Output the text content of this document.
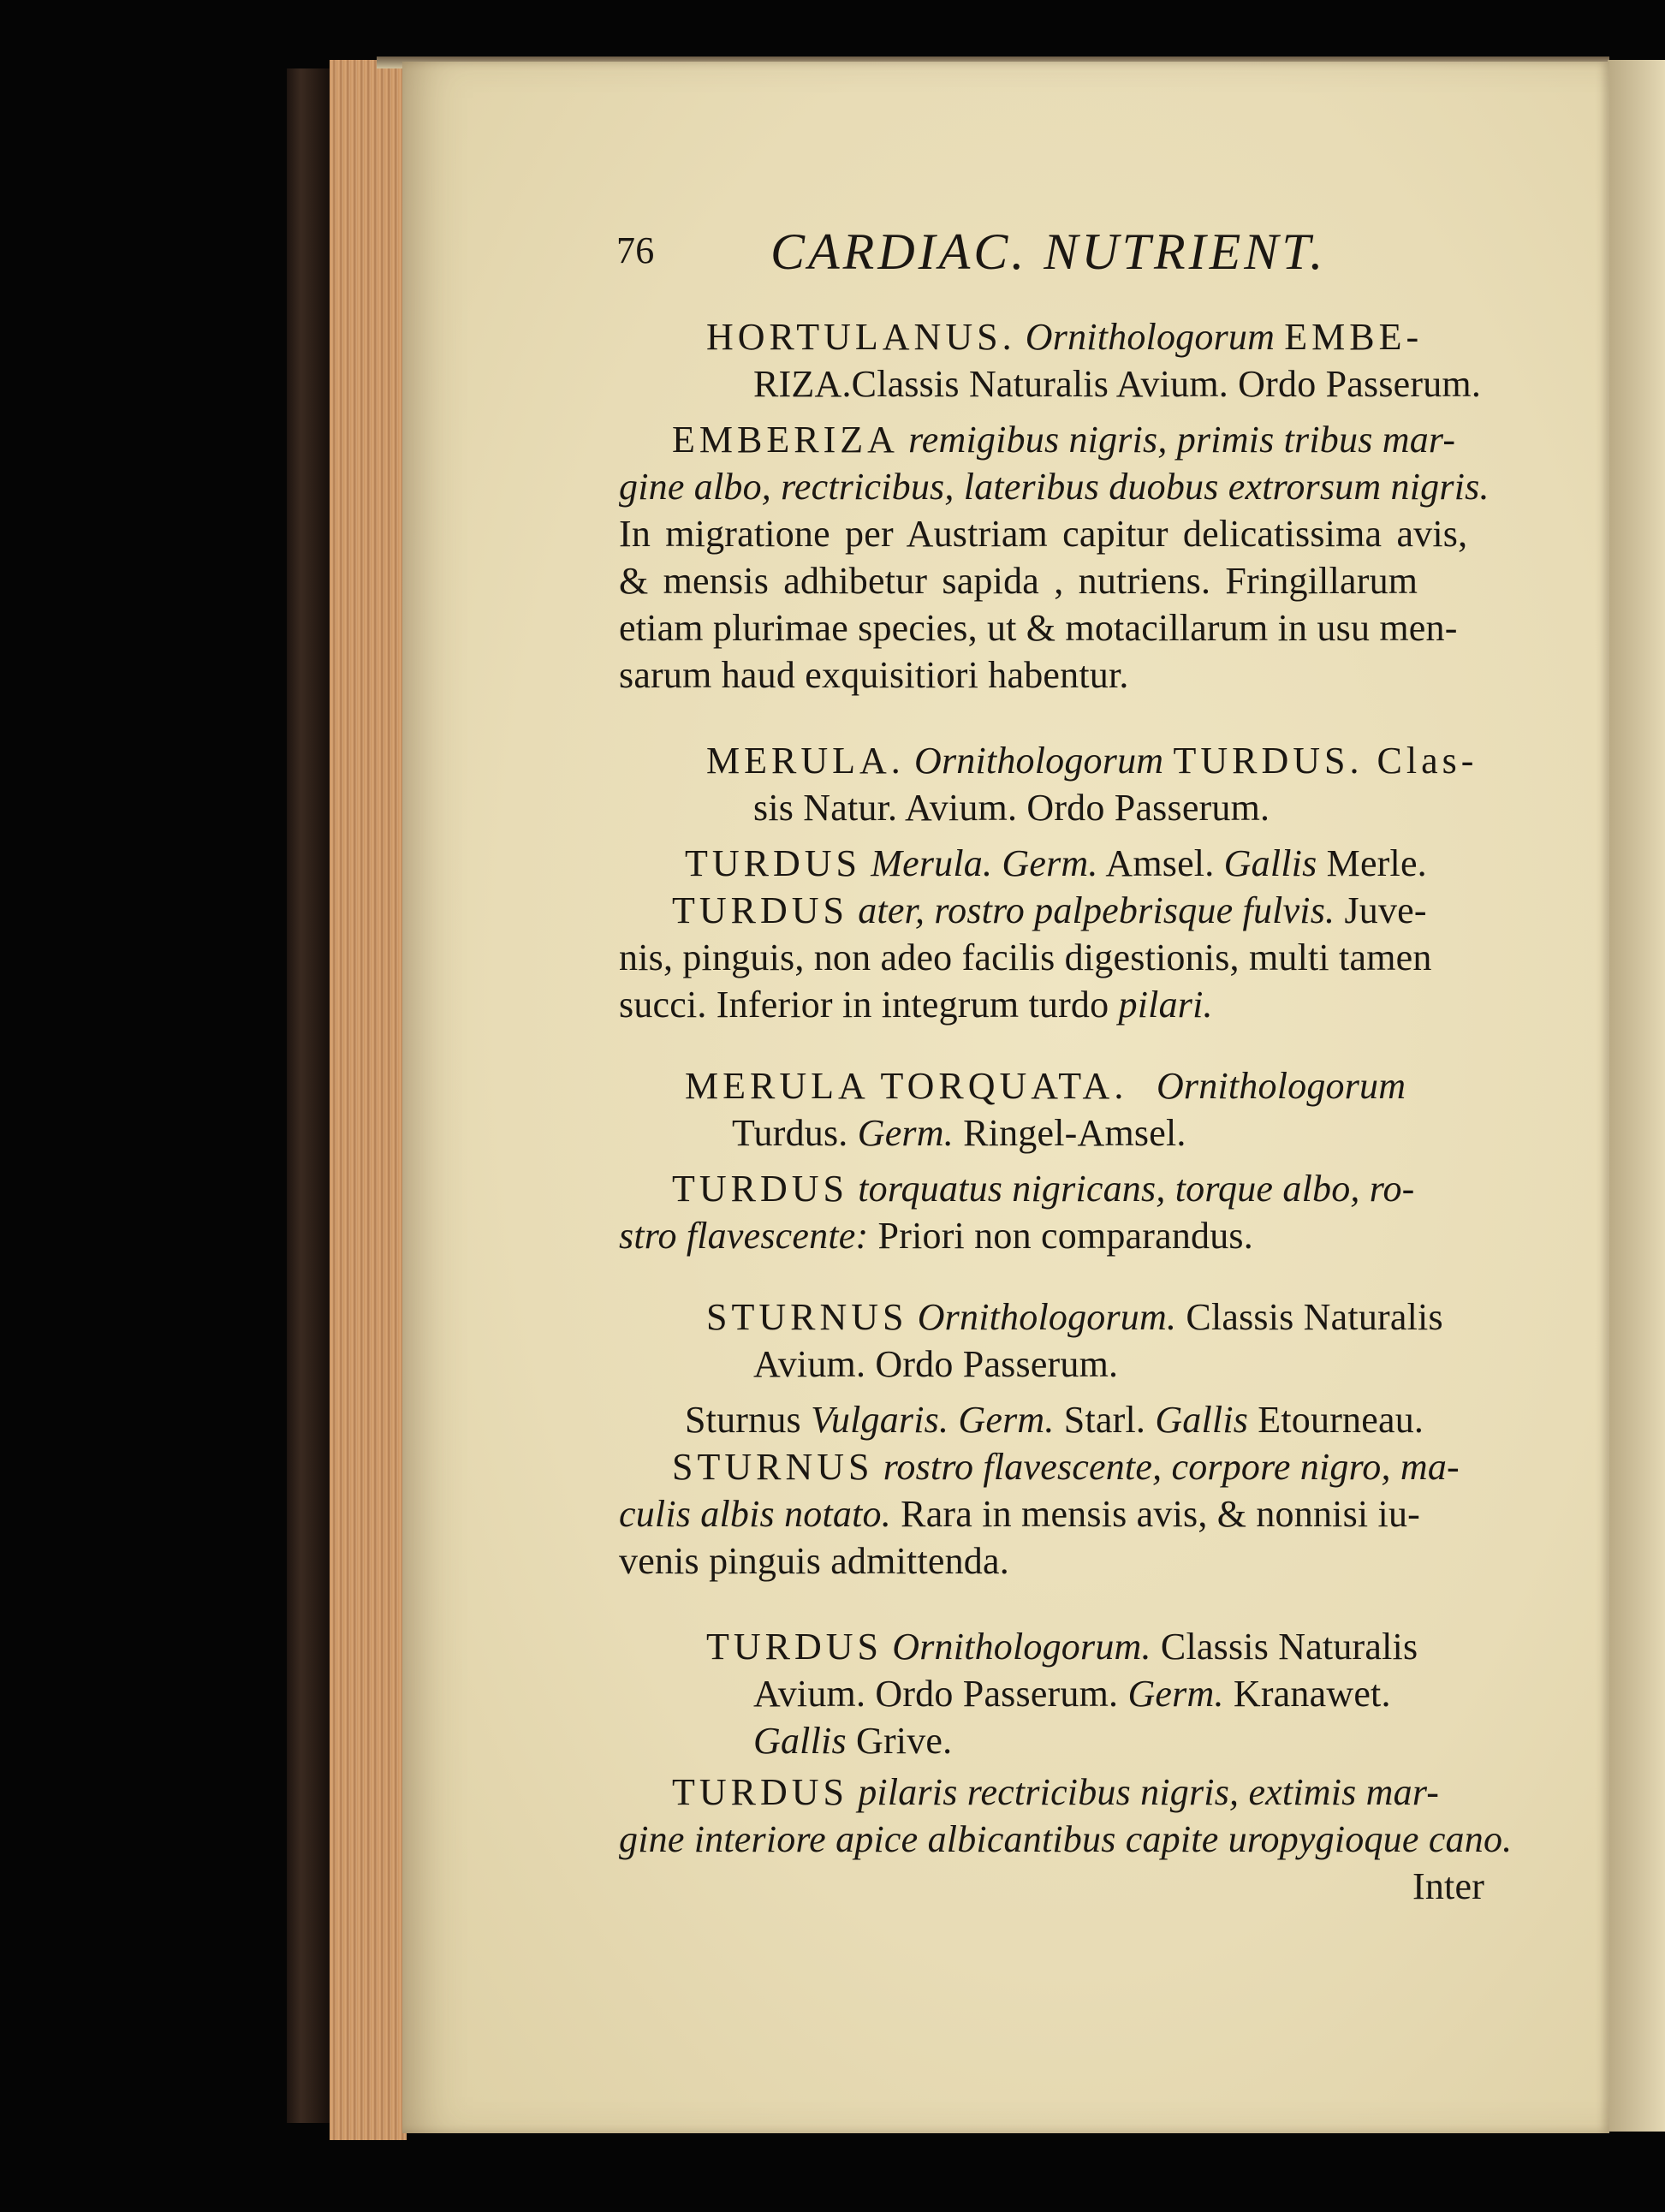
76 CARDIAC. NUTRIENT.
HORTULANUS. Ornithologorum EMBE-
RIZA.Classis Naturalis Avium. Ordo Passerum.
EMBERIZA remigibus nigris, primis tribus mar-
gine albo, rectricibus, lateribus duobus extrorsum nigris.
In migratione per Austriam capitur delicatissima avis,
& mensis adhibetur sapida , nutriens. Fringillarum
etiam plurimae species, ut & motacillarum in usu men-
sarum haud exquisitiori habentur.
MERULA. Ornithologorum TURDUS. Clas-
sis Natur. Avium. Ordo Passerum.
TURDUS Merula. Germ. Amsel. Gallis Merle.
TURDUS ater, rostro palpebrisque fulvis. Juve-
nis, pinguis, non adeo facilis digestionis, multi tamen
succi. Inferior in integrum turdo pilari.
MERULA TORQUATA. Ornithologorum
Turdus. Germ. Ringel-Amsel.
TURDUS torquatus nigricans, torque albo, ro-
stro flavescente: Priori non comparandus.
STURNUS Ornithologorum. Classis Naturalis
Avium. Ordo Passerum.
Sturnus Vulgaris. Germ. Starl. Gallis Etourneau.
STURNUS rostro flavescente, corpore nigro, ma-
culis albis notato. Rara in mensis avis, & nonnisi iu-
venis pinguis admittenda.
TURDUS Ornithologorum. Classis Naturalis
Avium. Ordo Passerum. Germ. Kranawet.
Gallis Grive.
TURDUS pilaris rectricibus nigris, extimis mar-
gine interiore apice albicantibus capite uropygioque cano.
Inter
